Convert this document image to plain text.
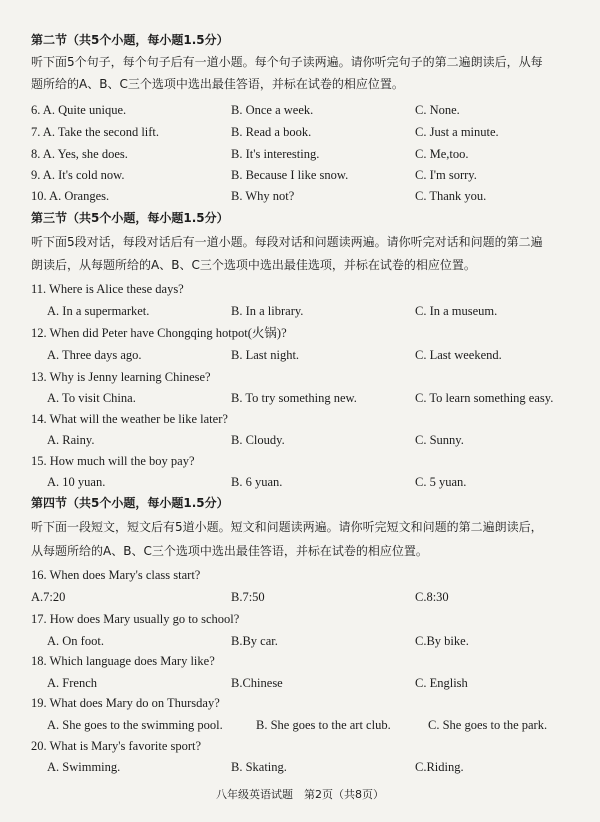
第二节（共5个小题，每小题1.5分）
听下面5个句子，每个句子后有一道小题。每个句子读两遍。请你听完句子的第二遍朗读后，从每
题所给的A、B、C三个选项中选出最佳答语，并标在试卷的相应位置。
6. A. Quite unique.	B. Once a week.	C. None.
7. A. Take the second lift.	B. Read a book.	C. Just a minute.
8. A. Yes, she does.	B. It's interesting.	C. Me,too.
9. A. It's cold now.	B. Because I like snow.	C. I'm sorry.
10. A. Oranges.	B. Why not?	C. Thank you.
第三节（共5个小题，每小题1.5分）
听下面5段对话，每段对话后有一道小题。每段对话和问题读两遍。请你听完对话和问题的第二遍
朗读后，从每题所给的A、B、C三个选项中选出最佳选项，并标在试卷的相应位置。
11. Where is Alice these days?
A. In a supermarket.	B. In a library.	C. In a museum.
12. When did Peter have Chongqing hotpot(火锅)?
A. Three days ago.	B. Last night.	C. Last weekend.
13. Why is Jenny learning Chinese?
A. To visit China.	B. To try something new.	C. To learn something easy.
14. What will the weather be like later?
A. Rainy.	B. Cloudy.	C. Sunny.
15. How much will the boy pay?
A. 10 yuan.	B. 6 yuan.	C. 5 yuan.
第四节（共5个小题，每小题1.5分）
听下面一段短文，短文后有5道小题。短文和问题读两遍。请你听完短文和问题的第二遍朗读后，
从每题所给的A、B、C三个选项中选出最佳答语，并标在试卷的相应位置。
16. When does Mary's class start?
A.7:20	B.7:50	C.8:30
17. How does Mary usually go to school?
A. On foot.	B.By car.	C.By bike.
18. Which language does Mary like?
A. French	B.Chinese	C. English
19. What does Mary do on Thursday?
A. She goes to the swimming pool.	B. She goes to the art club.	C. She goes to the park.
20. What is Mary's favorite sport?
A. Swimming.	B. Skating.	C.Riding.
八年级英语试题　第2页（共8页）
